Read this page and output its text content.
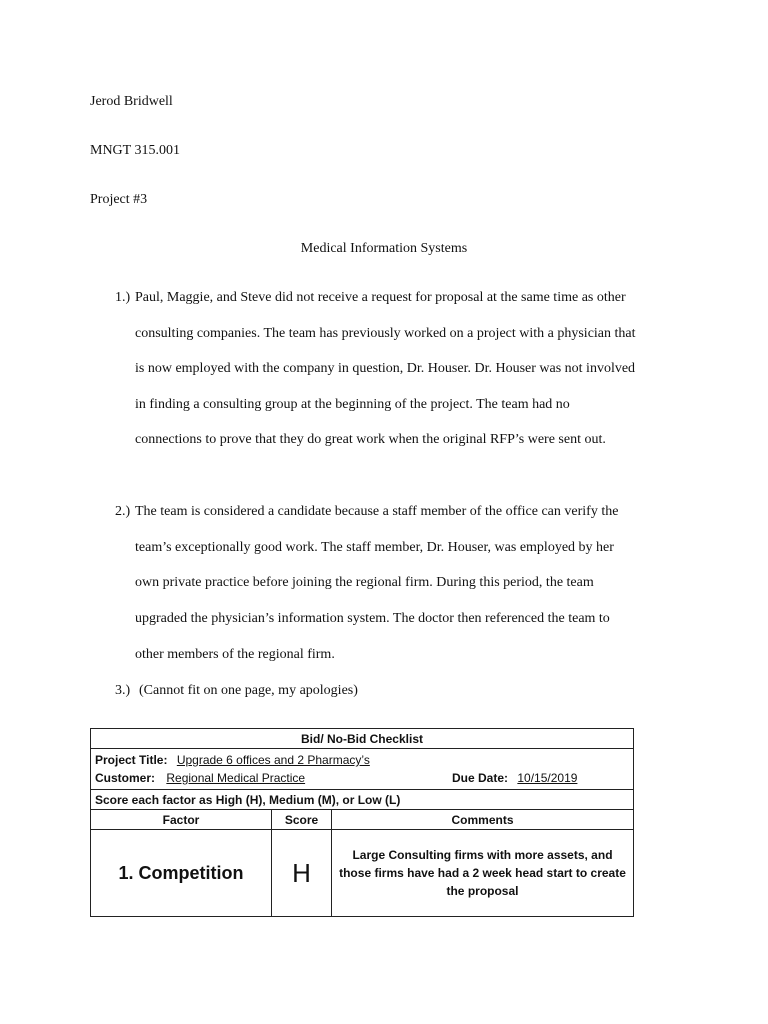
Jerod Bridwell
MNGT 315.001
Project #3
Medical Information Systems
1.) Paul, Maggie, and Steve did not receive a request for proposal at the same time as other
consulting companies. The team has previously worked on a project with a physician that
is now employed with the company in question, Dr. Houser. Dr. Houser was not involved
in finding a consulting group at the beginning of the project. The team had no
connections to prove that they do great work when the original RFP’s were sent out.
2.) The team is considered a candidate because a staff member of the office can verify the
team’s exceptionally good work. The staff member, Dr. Houser, was employed by her
own private practice before joining the regional firm. During this period, the team
upgraded the physician’s information system. The doctor then referenced the team to
other members of the regional firm.
3.) (Cannot fit on one page, my apologies)
Bid/ No-Bid Checklist		

Project Title: Upgrade 6 offices and 2 Pharmacy’s
Customer: Regional Medical Practice Due Date: 10/15/2019		

Score each factor as High (H), Medium (M), or Low (L)		
Factor	Score	Comments
1. Competition	H	Large Consulting firms with more assets, and those firms have had a 2 week head start to create the proposal
